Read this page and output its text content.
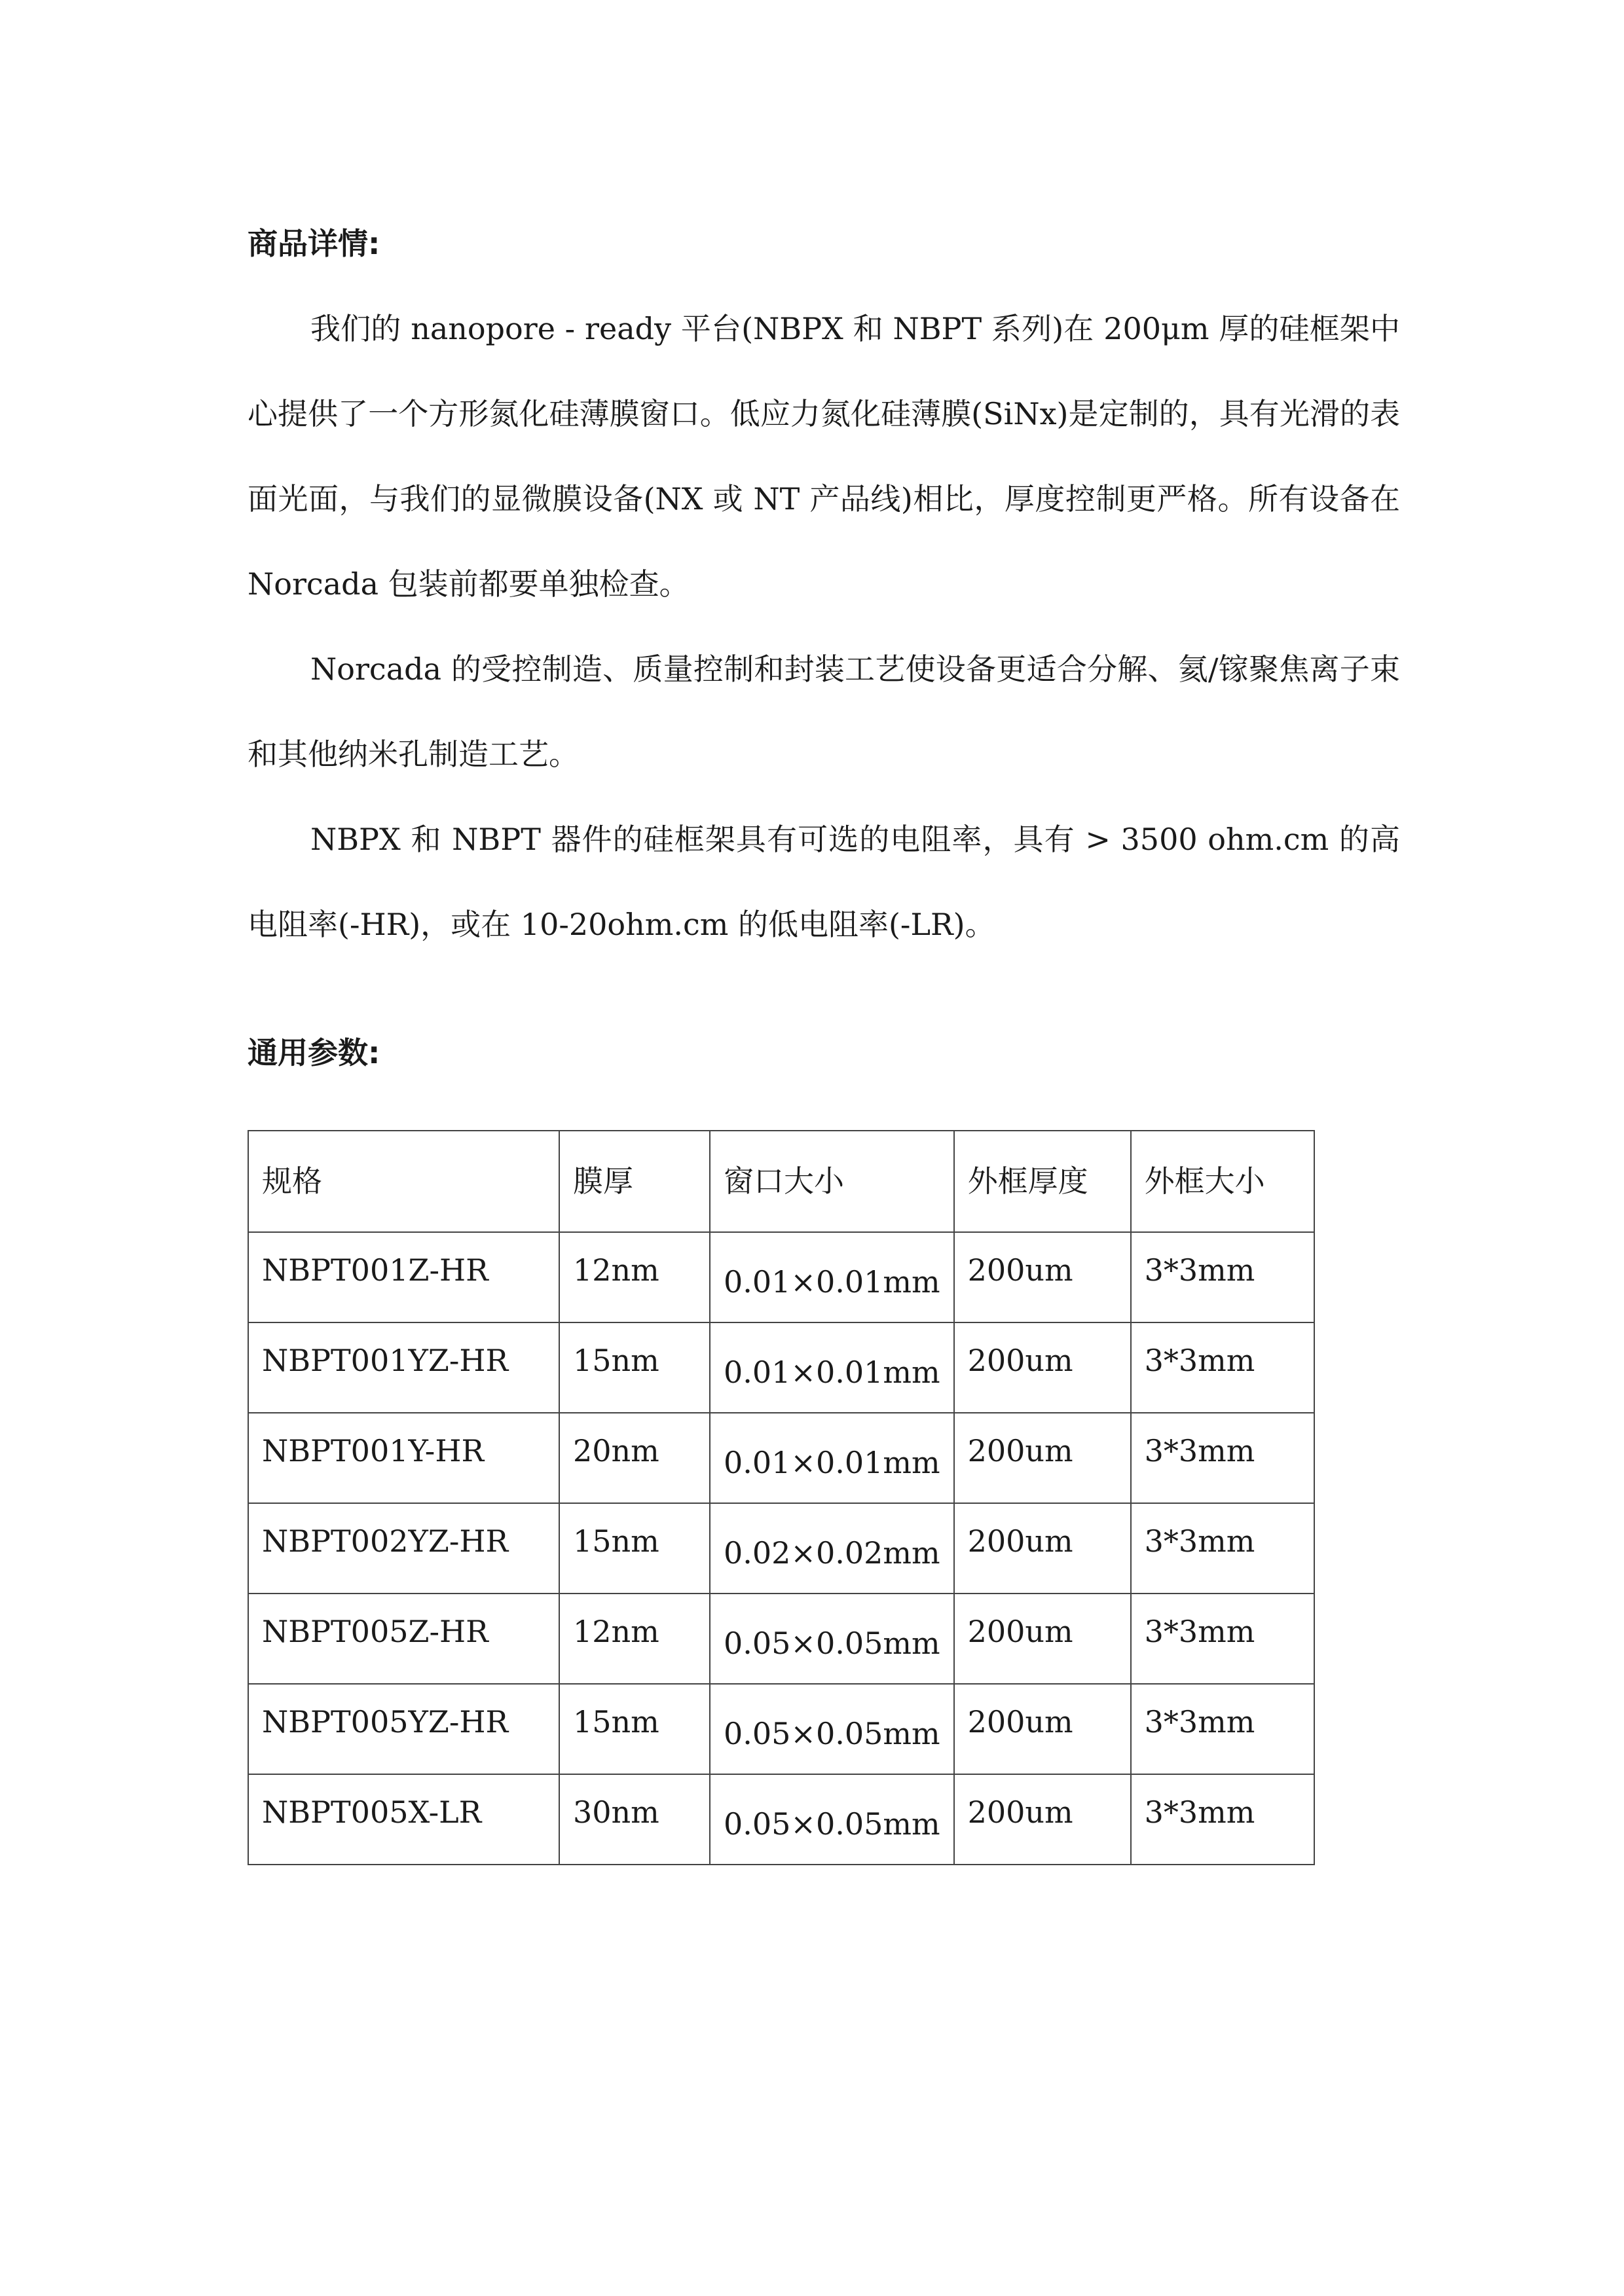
商品详情:

我们的 nanopore - ready 平台(NBPX 和 NBPT 系列)在 200μm 厚的硅框架中心提供了一个方形氮化硅薄膜窗口。低应力氮化硅薄膜(SiNx)是定制的，具有光滑的表面光面，与我们的显微膜设备(NX 或 NT 产品线)相比，厚度控制更严格。所有设备在 Norcada 包装前都要单独检查。

Norcada 的受控制造、质量控制和封装工艺使设备更适合分解、氦/镓聚焦离子束和其他纳米孔制造工艺。

NBPX 和 NBPT 器件的硅框架具有可选的电阻率，具有 > 3500 ohm.cm 的高电阻率(-HR)，或在 10-20ohm.cm 的低电阻率(-LR)。

通用参数:
规格	膜厚	窗口大小	外框厚度	外框大小
NBPT001Z-HR	12nm	0.01×0.01mm	200um	3*3mm
NBPT001YZ-HR	15nm	0.01×0.01mm	200um	3*3mm
NBPT001Y-HR	20nm	0.01×0.01mm	200um	3*3mm
NBPT002YZ-HR	15nm	0.02×0.02mm	200um	3*3mm
NBPT005Z-HR	12nm	0.05×0.05mm	200um	3*3mm
NBPT005YZ-HR	15nm	0.05×0.05mm	200um	3*3mm
NBPT005X-LR	30nm	0.05×0.05mm	200um	3*3mm
